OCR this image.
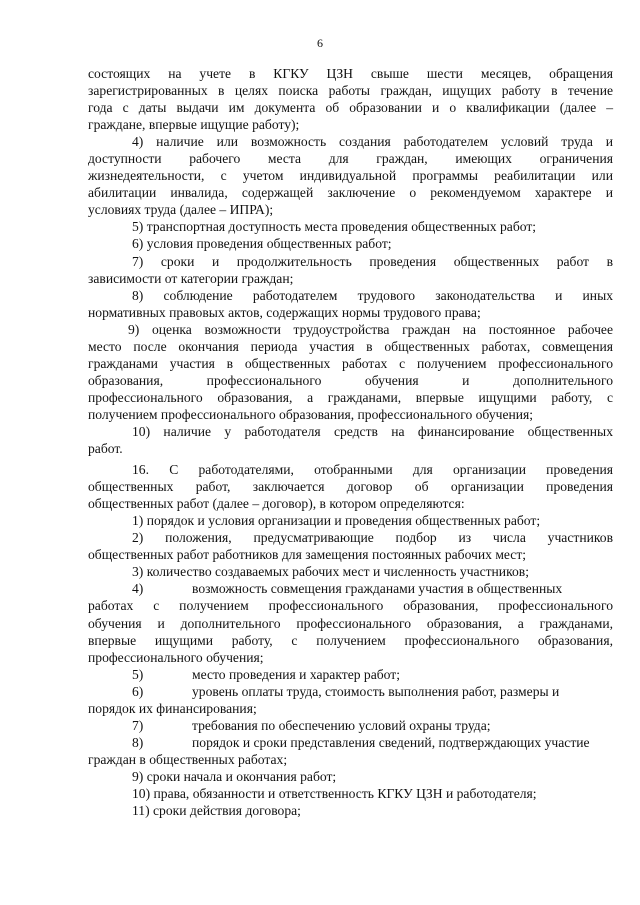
6
состоящих на учете в КГКУ ЦЗН свыше шести месяцев, обращения
зарегистрированных в целях поиска работы граждан, ищущих работу в течение
года с даты выдачи им документа об образовании и о квалификации (далее –
граждане, впервые ищущие работу);
4) наличие или возможность создания работодателем условий труда и
доступности рабочего места для граждан, имеющих ограничения
жизнедеятельности, с учетом индивидуальной программы реабилитации или
абилитации инвалида, содержащей заключение о рекомендуемом характере и
условиях труда (далее – ИПРА);
5) транспортная доступность места проведения общественных работ;
6) условия проведения общественных работ;
7) сроки и продолжительность проведения общественных работ в
зависимости от категории граждан;
8) соблюдение работодателем трудового законодательства и иных
нормативных правовых актов, содержащих нормы трудового права;
9) оценка возможности трудоустройства граждан на постоянное рабочее
место после окончания периода участия в общественных работах, совмещения
гражданами участия в общественных работах с получением профессионального
образования, профессионального обучения и дополнительного
профессионального образования, а гражданами, впервые ищущими работу, с
получением профессионального образования, профессионального обучения;
10) наличие у работодателя средств на финансирование общественных
работ.
16. С работодателями, отобранными для организации проведения
общественных работ, заключается договор об организации проведения
общественных работ (далее – договор), в котором определяются:
1) порядок и условия организации и проведения общественных работ;
2) положения, предусматривающие подбор из числа участников
общественных работ работников для замещения постоянных рабочих мест;
3) количество создаваемых рабочих мест и численность участников;
4)	возможность совмещения гражданами участия в общественных
работах с получением профессионального образования, профессионального
обучения и дополнительного профессионального образования, а гражданами,
впервые ищущими работу, с получением профессионального образования,
профессионального обучения;
5)	место проведения и характер работ;
6)	уровень оплаты труда, стоимость выполнения работ, размеры и
порядок их финансирования;
7)	требования по обеспечению условий охраны труда;
8)	порядок и сроки представления сведений, подтверждающих участие
граждан в общественных работах;
9) сроки начала и окончания работ;
10) права, обязанности и ответственность КГКУ ЦЗН и работодателя;
11) сроки действия договора;
